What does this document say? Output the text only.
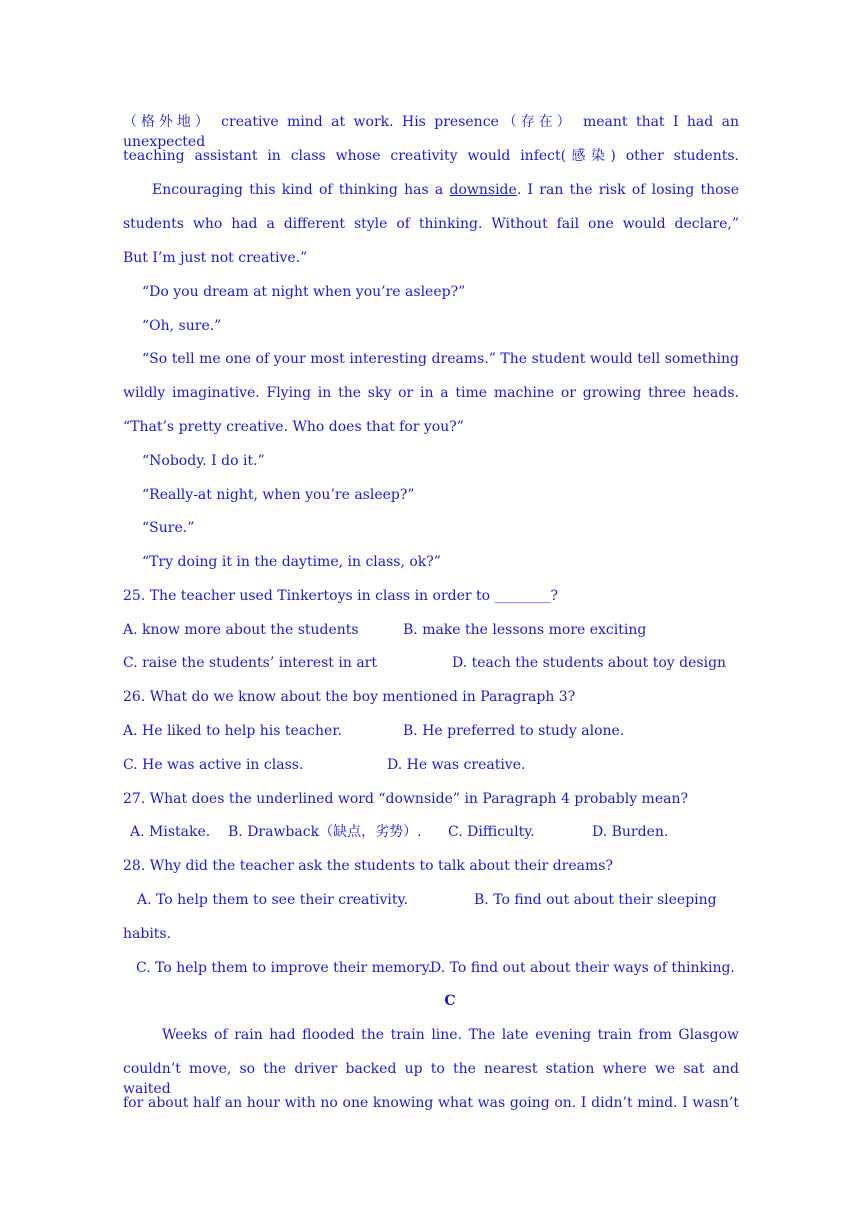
（格外地） creative mind at work. His presence（存在） meant that I had an unexpected
teaching assistant in class whose creativity would infect(感染) other students.
Encouraging this kind of thinking has a downside. I ran the risk of losing those
students who had a different style of thinking. Without fail one would declare,”
But I’m just not creative.”
“Do you dream at night when you’re asleep?”
“Oh, sure.”
“So tell me one of your most interesting dreams.” The student would tell something
wildly imaginative. Flying in the sky or in a time machine or growing three heads.
“That’s pretty creative. Who does that for you?”
“Nobody. I do it.”
“Really-at night, when you’re asleep?”
“Sure.”
“Try doing it in the daytime, in class, ok?”
25. The teacher used Tinkertoys in class in order to ________?
A. know more about the students	B. make the lessons more exciting
C. raise the students’ interest in art	D. teach the students about toy design
26. What do we know about the boy mentioned in Paragraph 3?
A. He liked to help his teacher.	B. He preferred to study alone.
C. He was active in class.	D. He was creative.
27. What does the underlined word “downside” in Paragraph 4 probably mean?
A. Mistake. B. Drawback（缺点，劣势）. C. Difficulty.	D. Burden.
28. Why did the teacher ask the students to talk about their dreams?
A. To help them to see their creativity.	B. To find out about their sleeping
habits.
C. To help them to improve their memory.
D. To find out about their ways of thinking.
C
Weeks of rain had flooded the train line. The late evening train from Glasgow
couldn’t move, so the driver backed up to the nearest station where we sat and waited
for about half an hour with no one knowing what was going on. I didn’t mind. I wasn’t
